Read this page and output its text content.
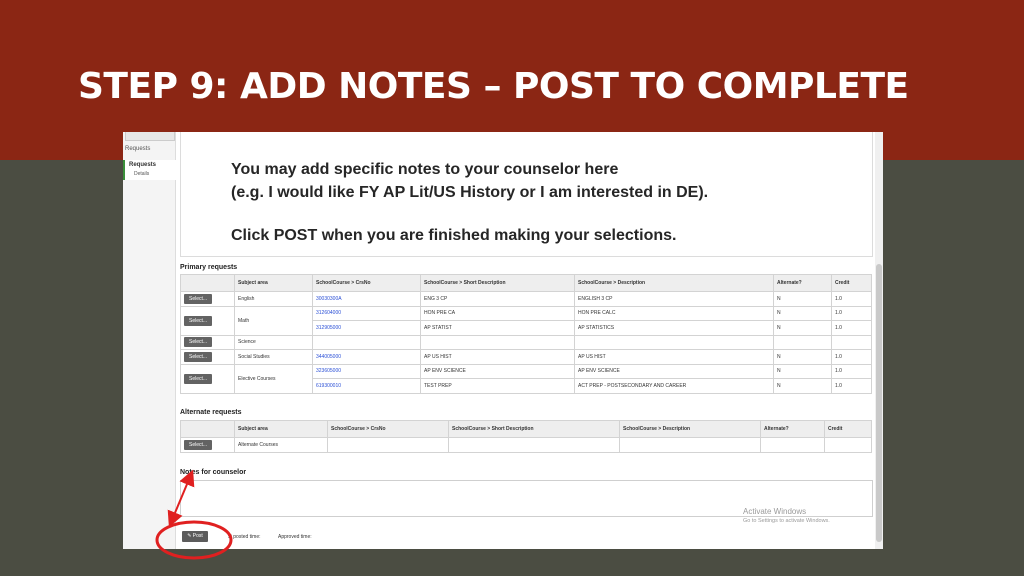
STEP 9: ADD NOTES – POST TO COMPLETE
Requests
Requests
Details	You may add specific notes to your counselor here
(e.g. I would like FY AP Lit/US History or I am interested in DE).
Click POST when you are finished making your selections.
Primary requests
	Subject area	SchoolCourse > CrsNo	SchoolCourse > Short Description	SchoolCourse > Description	Alternate?	Credit
Select...	English	30030300A	ENG 3 CP	ENGLISH 3 CP	N	1.0
Select...	Math	312604000	HON PRE CA	HON PRE CALC	N	1.0
		312905000	AP STATIST	AP STATISTICS	N	1.0
Select...	Science					
Select...	Social Studies	344005000	AP US HIST	AP US HIST	N	1.0
Select...	Elective Courses	323605000	AP ENV SCIENCE	AP ENV SCIENCE	N	1.0
		619300010	TEST PREP	ACT PREP - POSTSECONDARY AND CAREER	N	1.0
Alternate requests
	Subject area	SchoolCourse > CrsNo	SchoolCourse > Short Description	SchoolCourse > Description	Alternate?	Credit
Select...	Alternate Courses					
Notes for counselor
✎ Post	st posted time:	Approved time:
Activate Windows
Go to Settings to activate Windows.
